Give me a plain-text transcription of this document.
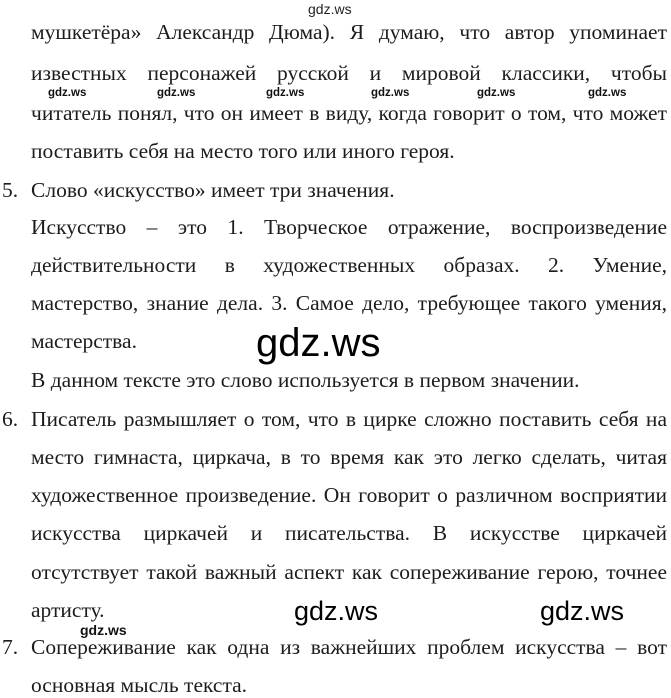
gdz.ws
мушкетёра» Александр Дюма). Я думаю, что автор упоминает
известных персонажей русской и мировой классики, чтобы
gdz.ws	gdz.ws	gdz.ws	gdz.ws	gdz.ws	gdz.ws
читатель понял, что он имеет в виду, когда говорит о том, что может
поставить себя на место того или иного героя.
5. Слово «искусство» имеет три значения.
Искусство – это 1. Творческое отражение, воспроизведение
действительности в художественных образах. 2. Умение,
мастерство, знание дела. 3. Самое дело, требующее такого умения,
мастерства.	gdz.ws
В данном тексте это слово используется в первом значении.
6. Писатель размышляет о том, что в цирке сложно поставить себя на
место гимнаста, циркача, в то время как это легко сделать, читая
художественное произведение. Он говорит о различном восприятии
искусства циркачей и писательства. В искусстве циркачей
отсутствует такой важный аспект как сопереживание герою, точнее
артисту.	gdz.ws	gdz.ws
gdz.ws
7. Сопереживание как одна из важнейших проблем искусства – вот
основная мысль текста.
